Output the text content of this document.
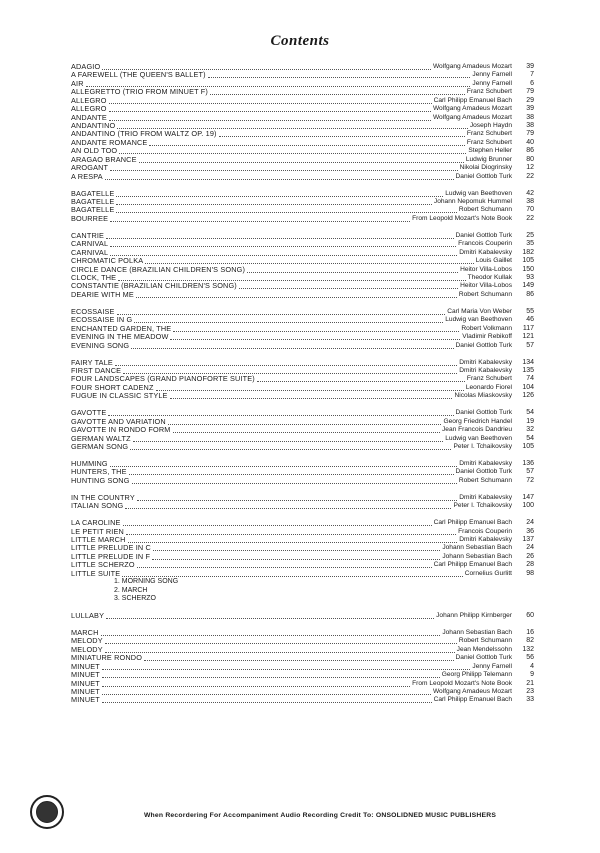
Contents
ADAGIO	Wolfgang Amadeus Mozart	39
A FAREWELL (THE QUEEN'S BALLET)	Jenny Farnell	7
AIR	Jenny Farnell	6
ALLEGRETTO (TRIO FROM MINUET F)	Franz Schubert	79
ALLEGRO	Carl Philipp Emanuel Bach	29
ALLEGRO	Wolfgang Amadeus Mozart	39
ANDANTE	Wolfgang Amadeus Mozart	38
ANDANTINO	Joseph Haydn	38
ANDANTINO (TRIO FROM WALTZ OP. 19)	Franz Schubert	79
ANDANTE ROMANCE	Franz Schubert	40
AN OLD TOO	Stephen Heller	86
ARAGAO BRANCE	Ludwig Brunner	80
AROGANT	Nikolai Diogrinsky	12
A RESPA	Daniel Gottlob Turk	22
BAGATELLE	Ludwig van Beethoven	42
BAGATELLE	Johann Nepomuk Hummel	38
BAGATELLE	Robert Schumann	70
BOURREE	From Leopold Mozart's Note Book	22
CANTRIE	Daniel Gottlob Turk	25
CARNIVAL	Francois Couperin	35
CARNIVAL	Dmitri Kabalevsky	182
CHROMATIC POLKA	Louis Gaillet	105
CIRCLE DANCE (BRAZILIAN CHILDREN'S SONG)	Heitor Villa-Lobos	150
CLOCK, THE	Theodor Kullak	93
CONSTANTIE (BRAZILIAN CHILDREN'S SONG)	Heitor Villa-Lobos	149
DEARIE WITH ME	Robert Schumann	86
ECOSSAISE	Carl Maria Von Weber	55
ECOSSAISE IN G	Ludwig van Beethoven	46
ENCHANTED GARDEN, THE	Robert Volkmann	117
EVENING IN THE MEADOW	Vladimir Rebikoff	121
EVENING SONG	Daniel Gottlob Turk	57
FAIRY TALE	Dmitri Kabalevsky	134
FIRST DANCE	Dmitri Kabalevsky	135
FOUR LANDSCAPES (GRAND PIANOFORTE SUITE)	Franz Schubert	74
FOUR SHORT CADENZ	Leonardo Fiorel	104
FUGUE IN CLASSIC STYLE	Nicolas Miaskovsky	126
GAVOTTE	Daniel Gottlob Turk	54
GAVOTTE AND VARIATION	Georg Friedrich Handel	19
GAVOTTE IN RONDO FORM	Jean Francois Dandrieu	32
GERMAN WALTZ	Ludwig van Beethoven	54
GERMAN SONG	Peter I. Tchaikovsky	105
HUMMING	Dmitri Kabalevsky	136
HUNTERS, THE	Daniel Gottlob Turk	57
HUNTING SONG	Robert Schumann	72
IN THE COUNTRY	Dmitri Kabalevsky	147
ITALIAN SONG	Peter I. Tchaikovsky	100
LA CAROLINE	Carl Philipp Emanuel Bach	24
LE PETIT RIEN	Francois Couperin	36
LITTLE MARCH	Dmitri Kabalevsky	137
LITTLE PRELUDE IN C	Johann Sebastian Bach	24
LITTLE PRELUDE IN F	Johann Sebastian Bach	26
LITTLE SCHERZO	Carl Philipp Emanuel Bach	28
LITTLE SUITE	Cornelius Gurlitt	98
1. MORNING SONG
2. MARCH
3. SCHERZO
LULLABY	Johann Philipp Kirnberger	60
MARCH	Johann Sebastian Bach	16
MELODY	Robert Schumann	82
MELODY	Jean Mendelssohn	132
MINIATURE RONDO	Daniel Gottlob Turk	56
MINUET	Jenny Farnell	4
MINUET	Georg Philipp Telemann	9
MINUET	From Leopold Mozart's Note Book	21
MINUET	Wolfgang Amadeus Mozart	23
MINUET	Carl Philipp Emanuel Bach	33
When Recordering For Accompaniment Audio Recording Credit To: ONSOLIDNED MUSIC PUBLISHERS
